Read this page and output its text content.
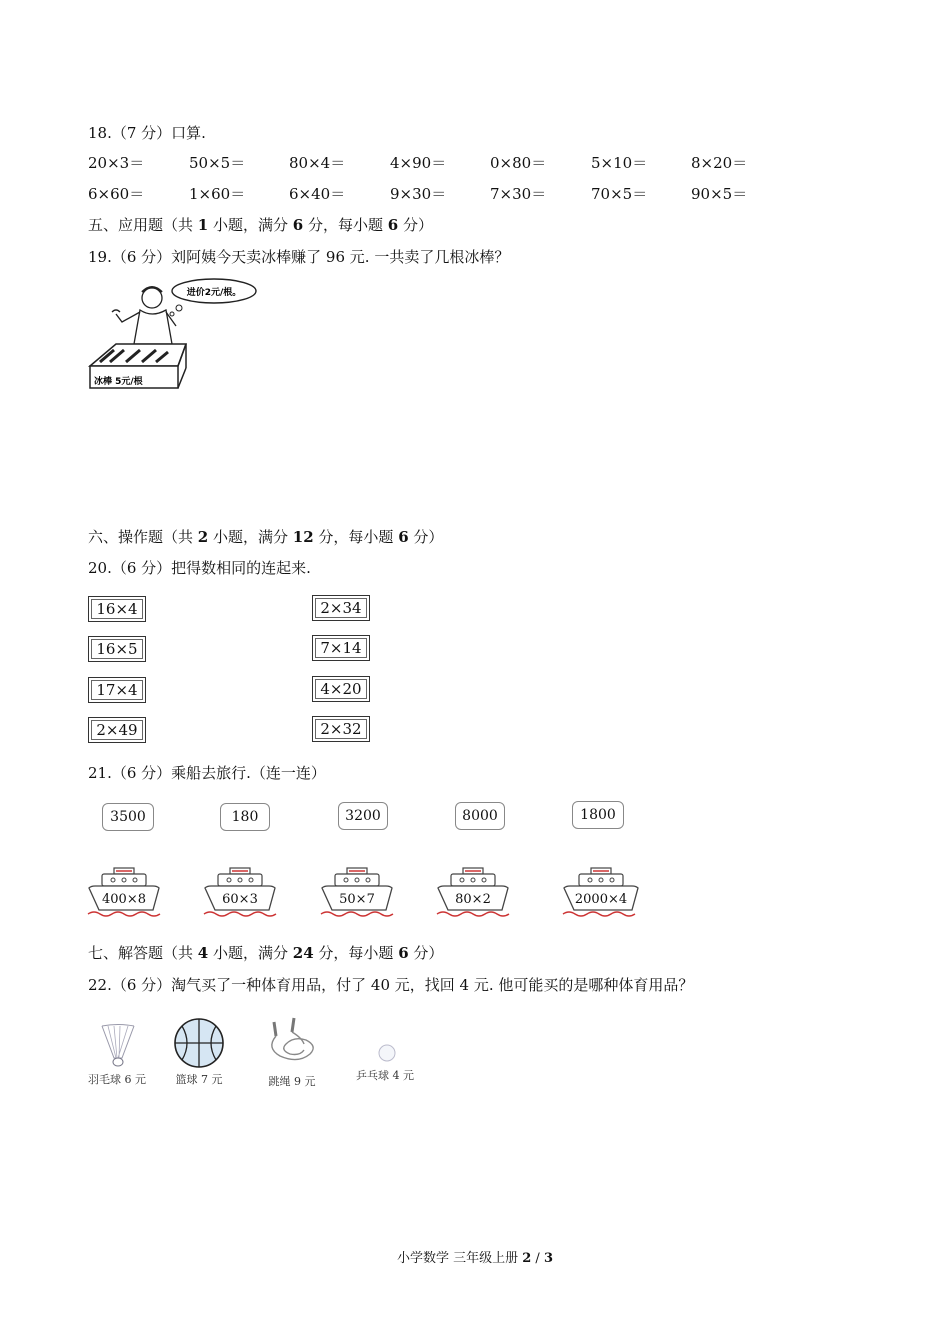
18.（7 分）口算.
20×3＝	50×5＝	80×4＝	4×90＝	0×80＝	5×10＝	8×20＝
6×60＝	1×60＝	6×40＝	9×30＝	7×30＝	70×5＝	90×5＝
五、应用题（共 1 小题，满分 6 分，每小题 6 分）
19.（6 分）刘阿姨今天卖冰棒赚了 96 元. 一共卖了几根冰棒？
进价2元/根。
冰棒 5元/根
六、操作题（共 2 小题，满分 12 分，每小题 6 分）
20.（6 分）把得数相同的连起来.
16×4
16×5
17×4
2×49
2×34
7×14
4×20
2×32
21.（6 分）乘船去旅行.（连一连）
3500	180	3200	8000	1800
400×8	60×3	50×7	80×2	2000×4
七、解答题（共 4 小题，满分 24 分，每小题 6 分）
22.（6 分）淘气买了一种体育用品，付了 40 元，找回 4 元. 他可能买的是哪种体育用品？
羽毛球 6 元	篮球 7 元	跳绳 9 元	乒乓球 4 元
小学数学 三年级上册 2 / 3
